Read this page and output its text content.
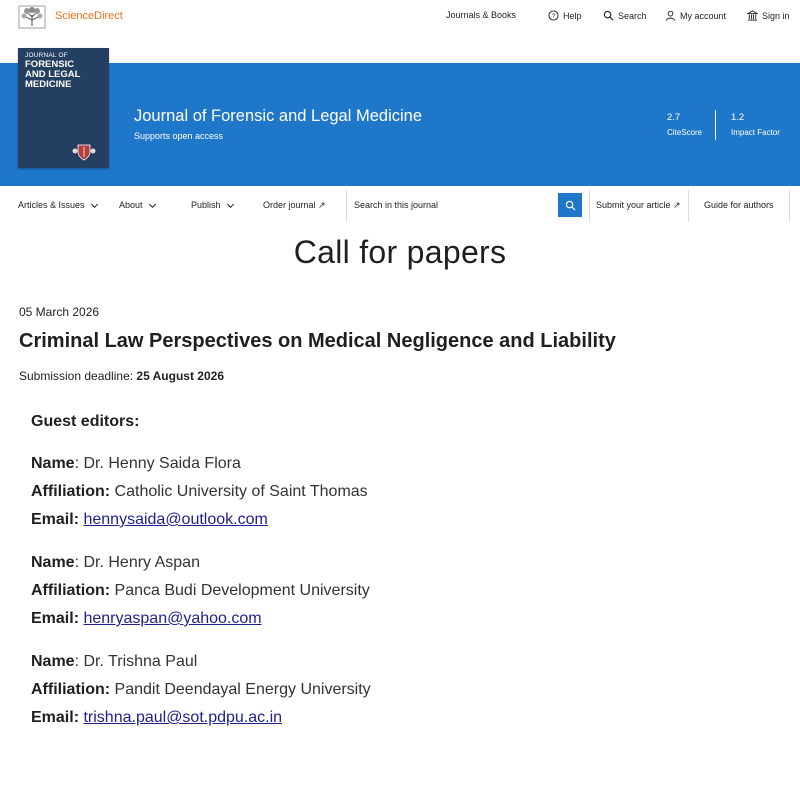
ScienceDirect	Journals & Books	? Help	Search	My account	Sign in
JOURNAL OF
FORENSIC
AND LEGAL
MEDICINE
Journal of Forensic and Legal Medicine
Supports open access
2.7
CiteScore
1.2
Impact Factor
Articles & Issues	About	Publish	Order journal ↗
Search in this journal	Submit your article ↗	Guide for authors
Call for papers
05 March 2026
Criminal Law Perspectives on Medical Negligence and Liability
Submission deadline: 25 August 2026
Guest editors:
Name: Dr. Henny Saida Flora
Affiliation: Catholic University of Saint Thomas
Email: hennysaida@outlook.com
Name: Dr. Henry Aspan
Affiliation: Panca Budi Development University
Email: henryaspan@yahoo.com
Name: Dr. Trishna Paul
Affiliation: Pandit Deendayal Energy University
Email: trishna.paul@sot.pdpu.ac.in
